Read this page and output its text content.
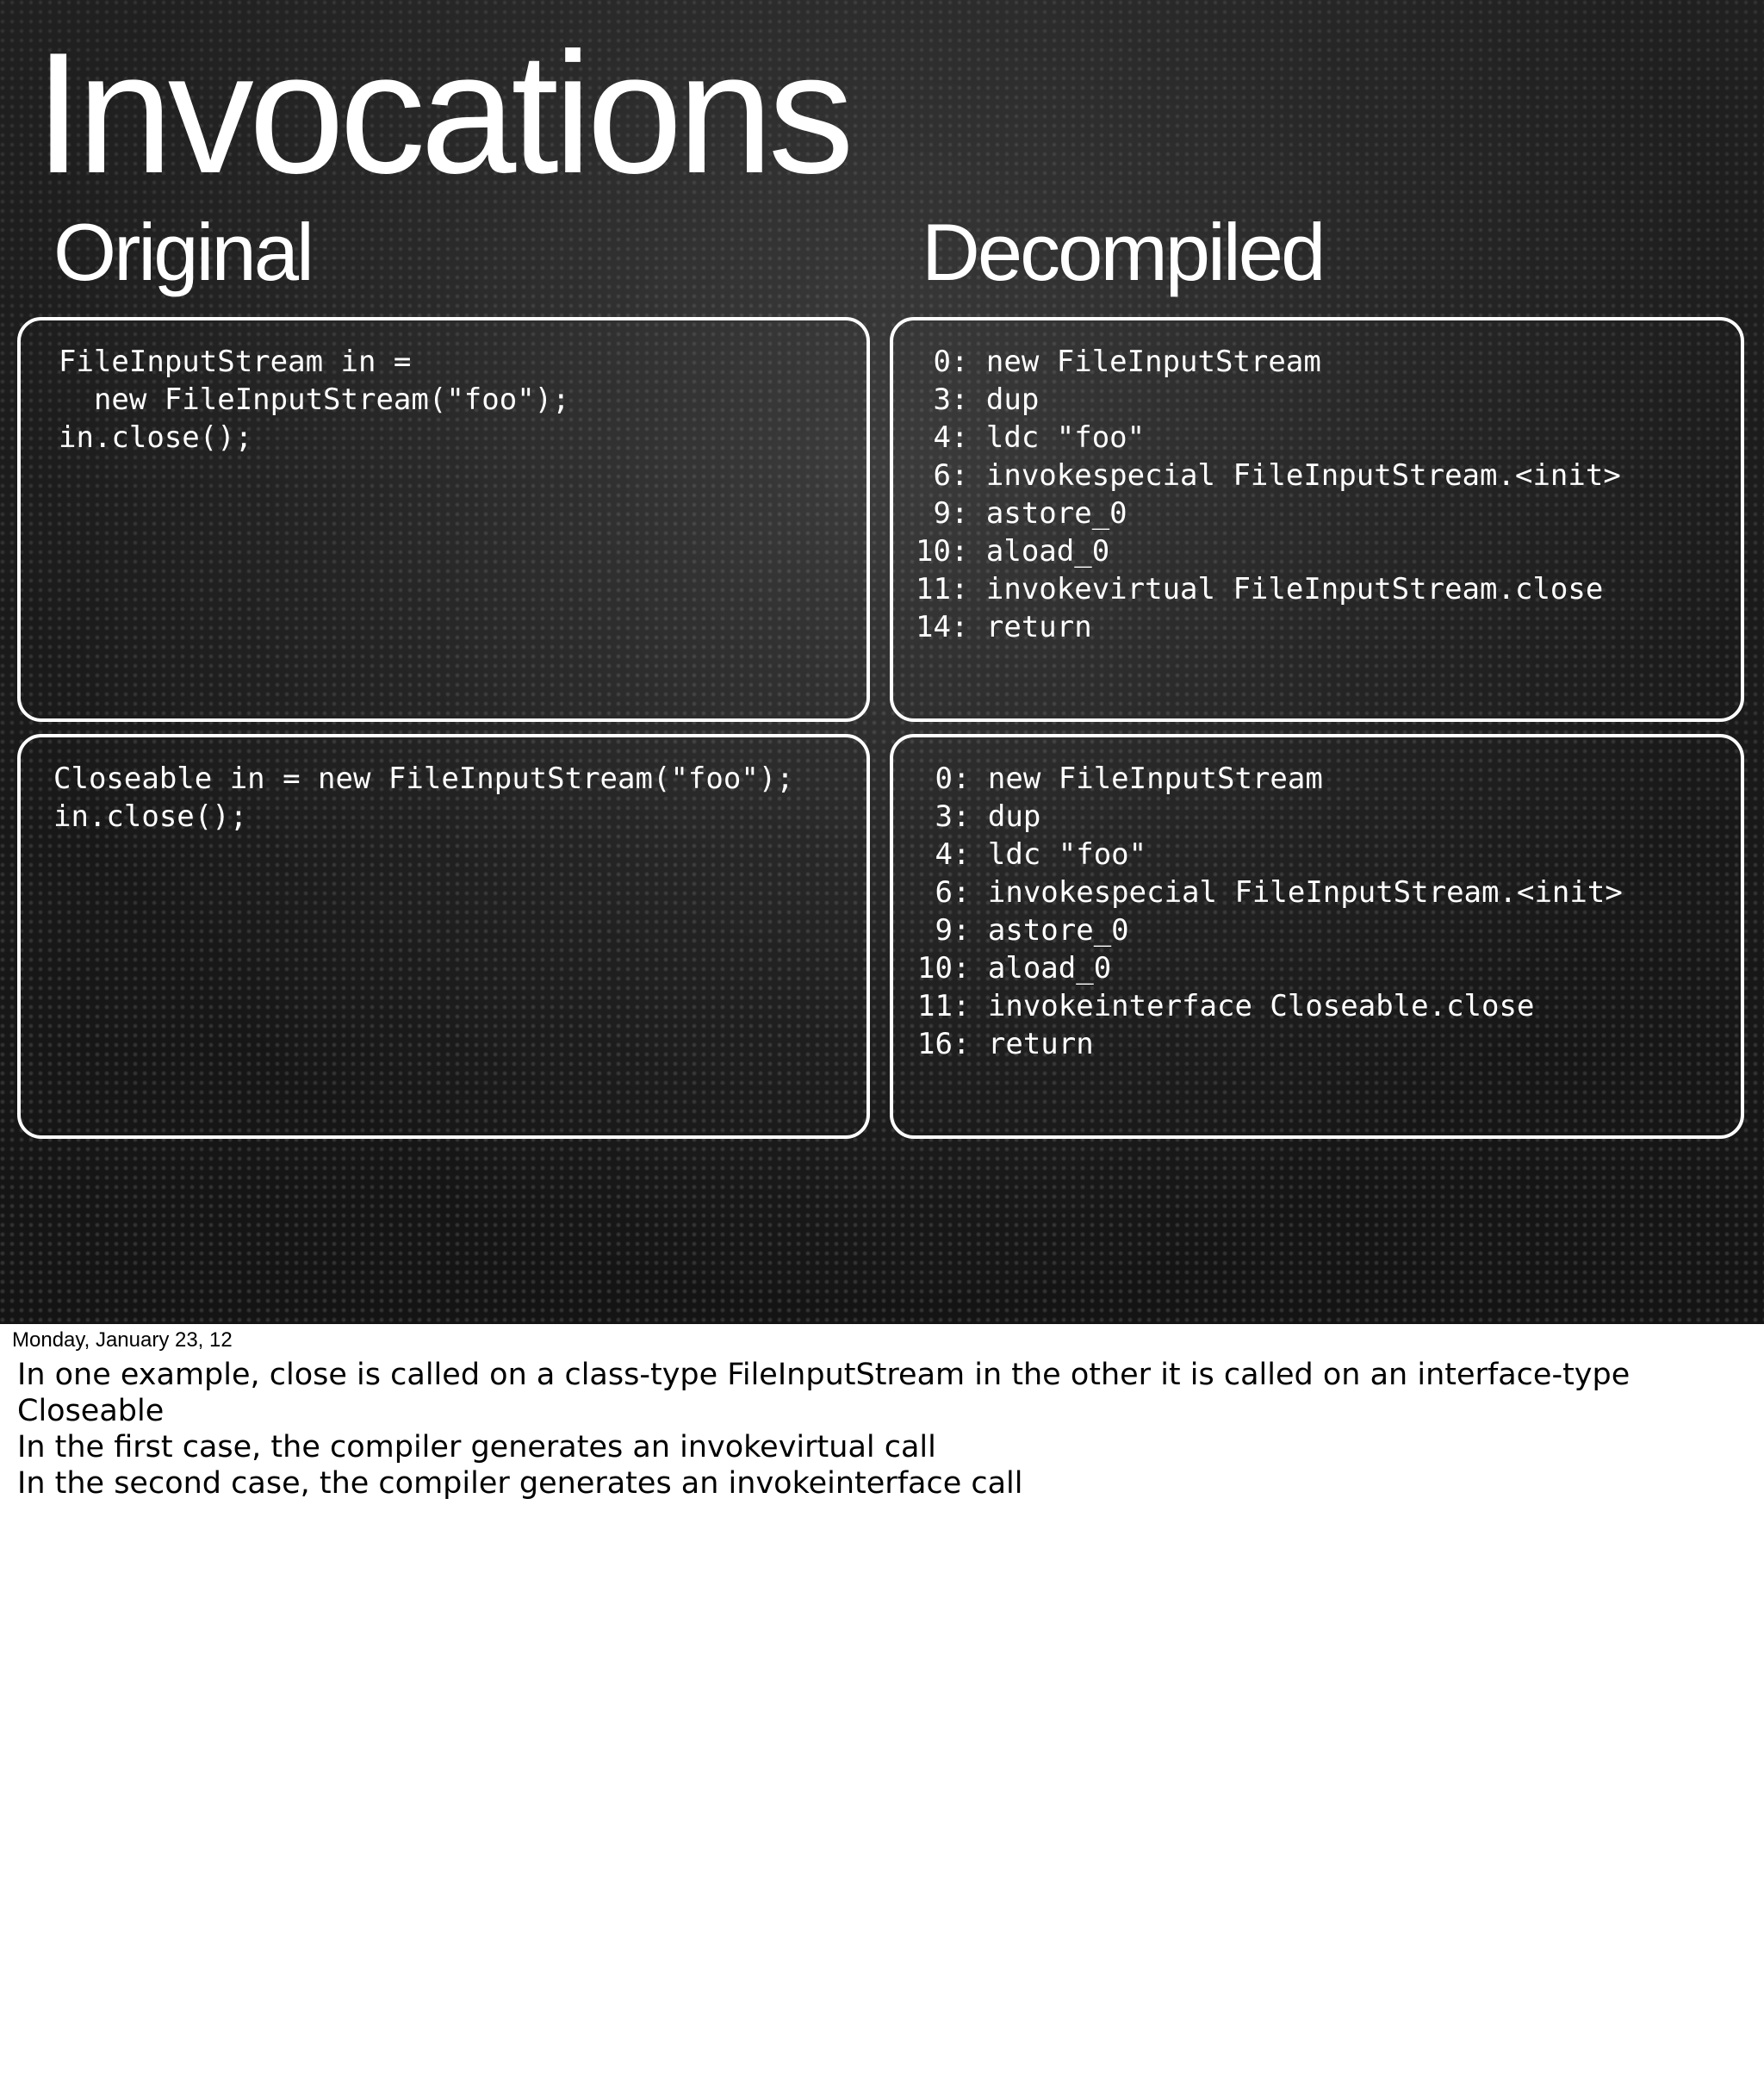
Invocations
Original	Decompiled
FileInputStream in =
new FileInputStream("foo");
in.close();
0: new FileInputStream
3: dup
4: ldc "foo"
6: invokespecial FileInputStream.<init>
9: astore_0
10: aload_0
11: invokevirtual FileInputStream.close
14: return
Closeable in = new FileInputStream("foo");
in.close();
0: new FileInputStream
3: dup
4: ldc "foo"
6: invokespecial FileInputStream.<init>
9: astore_0
10: aload_0
11: invokeinterface Closeable.close
16: return

Monday, January 23, 12

In one example, close is called on a class-type FileInputStream in the other it is called on an interface-type
Closeable
In the first case, the compiler generates an invokevirtual call
In the second case, the compiler generates an invokeinterface call
